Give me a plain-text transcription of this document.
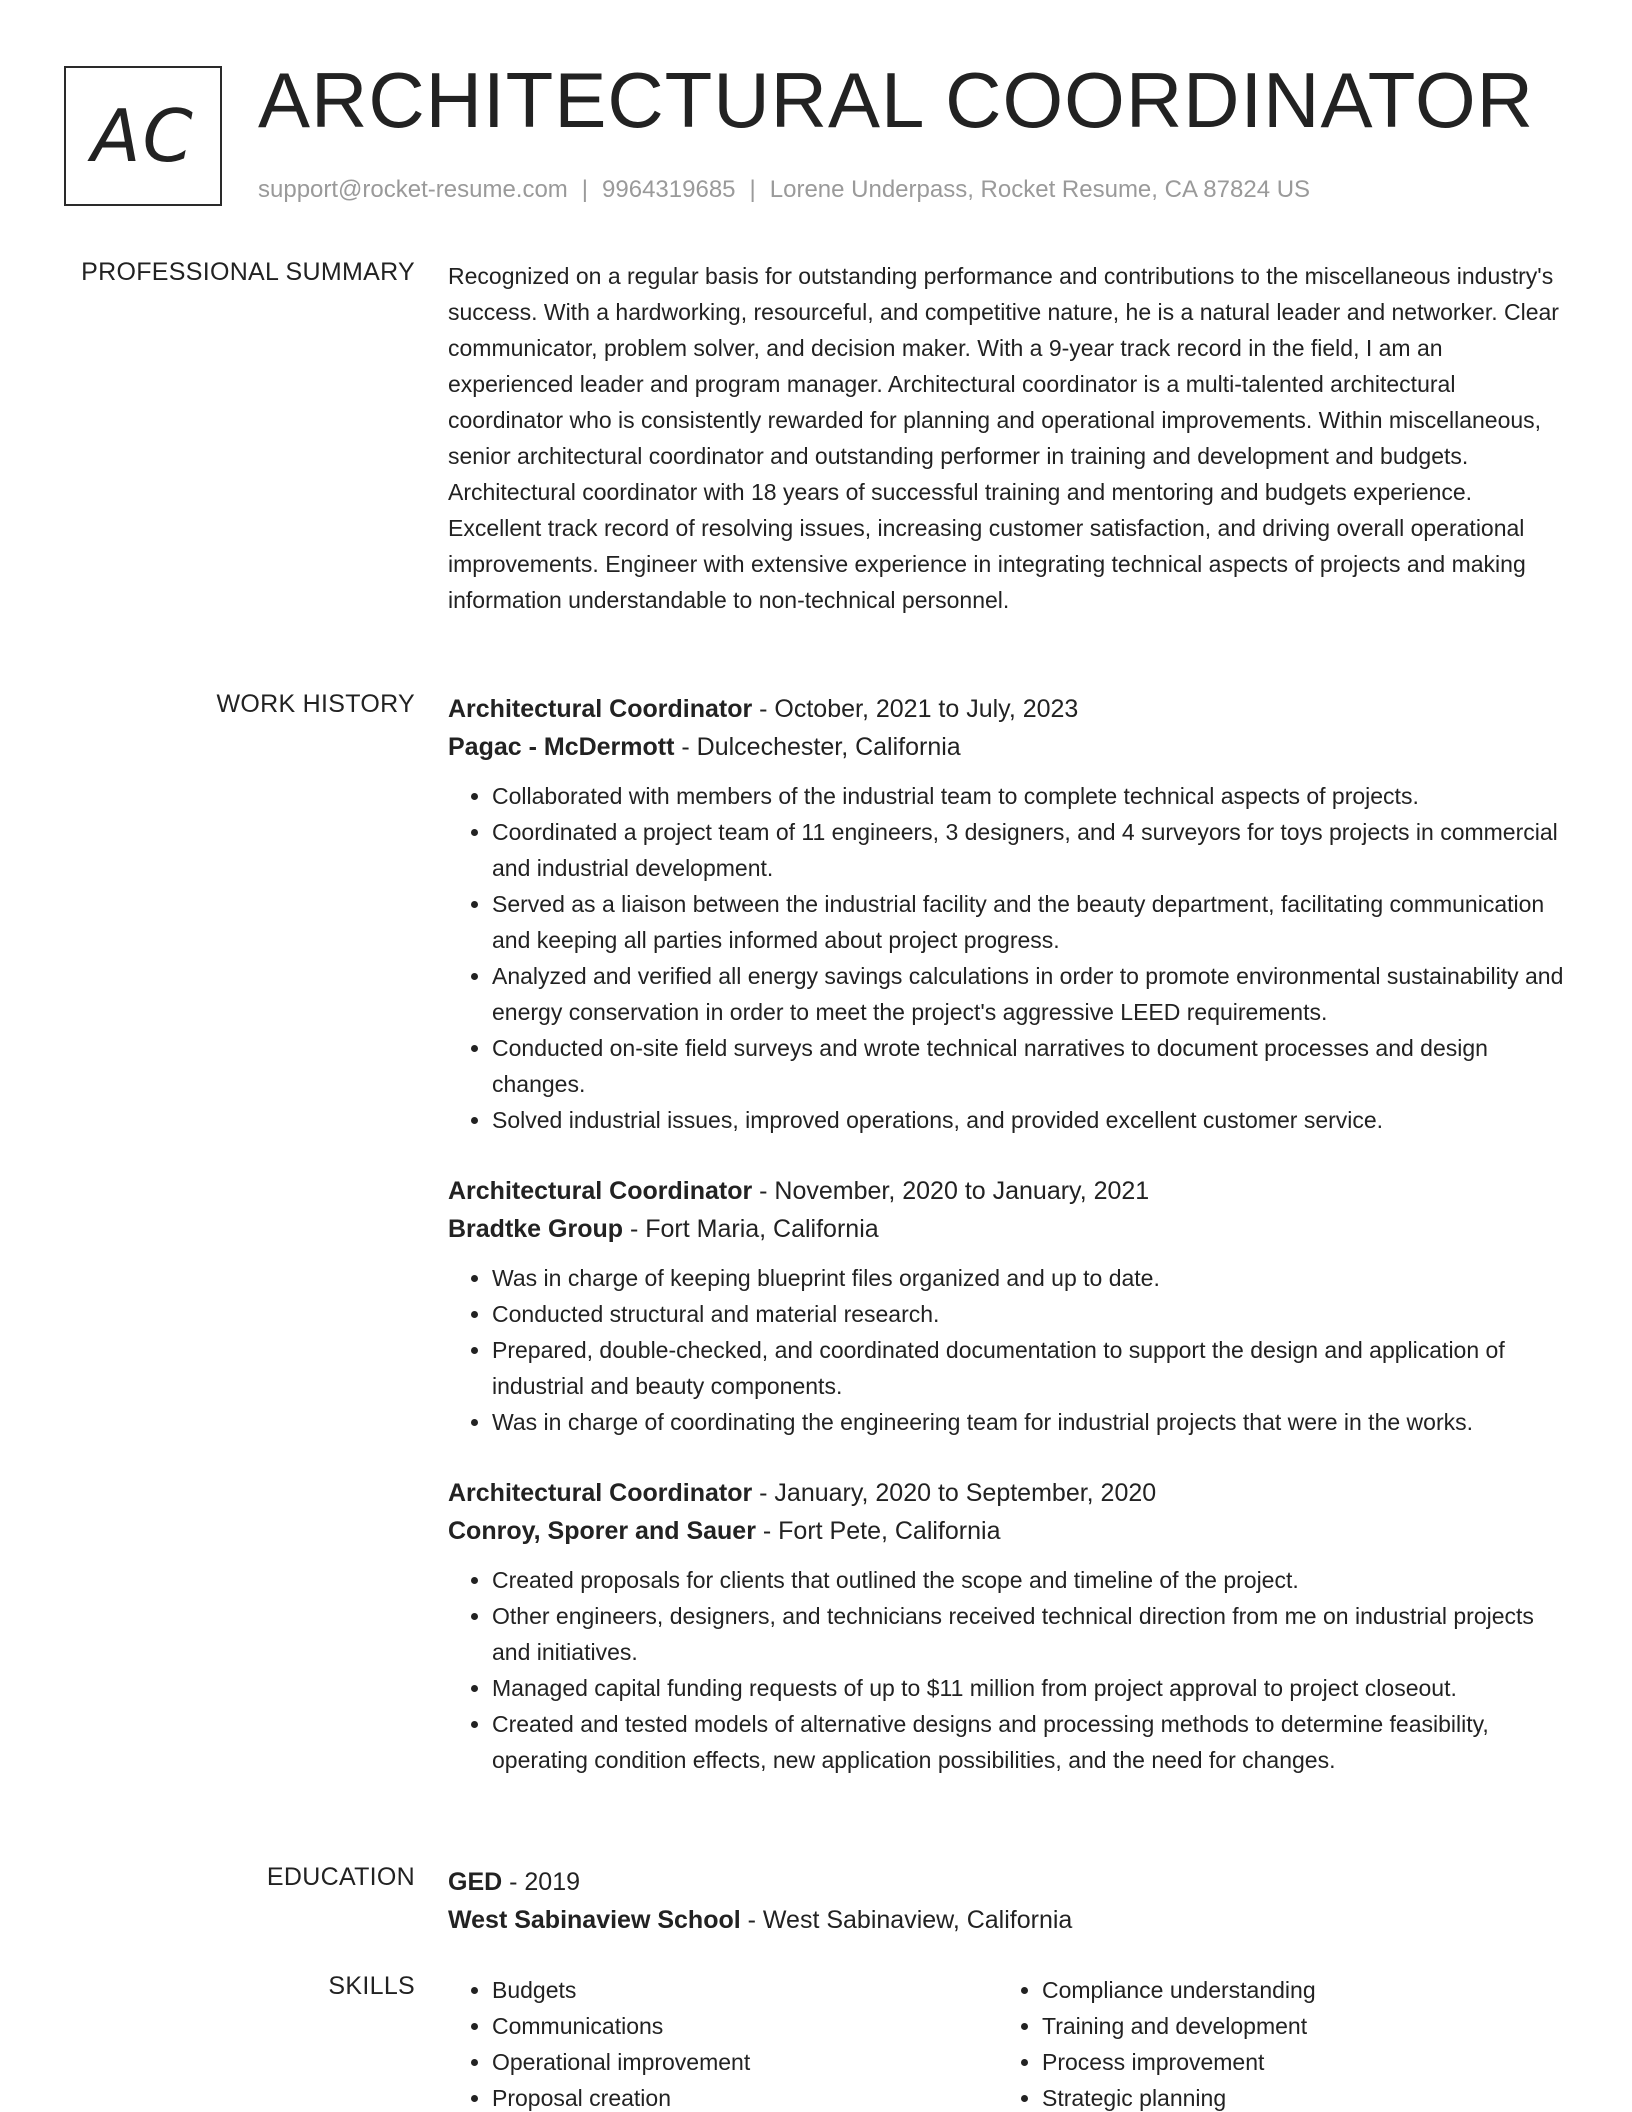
AC ARCHITECTURAL COORDINATOR
support@rocket-resume.com | 9964319685 | Lorene Underpass, Rocket Resume, CA 87824 US
PROFESSIONAL SUMMARY Recognized on a regular basis for outstanding performance and contributions to the miscellaneous industry's success. With a hardworking, resourceful, and competitive nature, he is a natural leader and networker. Clear communicator, problem solver, and decision maker. With a 9-year track record in the field, I am an experienced leader and program manager. Architectural coordinator is a multi-talented architectural coordinator who is consistently rewarded for planning and operational improvements. Within miscellaneous, senior architectural coordinator and outstanding performer in training and development and budgets. Architectural coordinator with 18 years of successful training and mentoring and budgets experience. Excellent track record of resolving issues, increasing customer satisfaction, and driving overall operational improvements. Engineer with extensive experience in integrating technical aspects of projects and making information understandable to non-technical personnel.

WORK HISTORY Architectural Coordinator - October, 2021 to July, 2023
Pagac - McDermott - Dulcechester, California
• Collaborated with members of the industrial team to complete technical aspects of projects.
• Coordinated a project team of 11 engineers, 3 designers, and 4 surveyors for toys projects in commercial and industrial development.
• Served as a liaison between the industrial facility and the beauty department, facilitating communication and keeping all parties informed about project progress.
• Analyzed and verified all energy savings calculations in order to promote environmental sustainability and energy conservation in order to meet the project's aggressive LEED requirements.
• Conducted on-site field surveys and wrote technical narratives to document processes and design changes.
• Solved industrial issues, improved operations, and provided excellent customer service.
Architectural Coordinator - November, 2020 to January, 2021
Bradtke Group - Fort Maria, California
• Was in charge of keeping blueprint files organized and up to date.
• Conducted structural and material research.
• Prepared, double-checked, and coordinated documentation to support the design and application of industrial and beauty components.
• Was in charge of coordinating the engineering team for industrial projects that were in the works.
Architectural Coordinator - January, 2020 to September, 2020
Conroy, Sporer and Sauer - Fort Pete, California
• Created proposals for clients that outlined the scope and timeline of the project.
• Other engineers, designers, and technicians received technical direction from me on industrial projects and initiatives.
• Managed capital funding requests of up to $11 million from project approval to project closeout.
• Created and tested models of alternative designs and processing methods to determine feasibility, operating condition effects, new application possibilities, and the need for changes.
EDUCATION GED - 2019
West Sabinaview School - West Sabinaview, California
SKILLS
•	Budgets
• Communications
• Operational improvement
• Proposal creation
• Compliance understanding
• Training and development
• Process improvement
• Strategic planning
